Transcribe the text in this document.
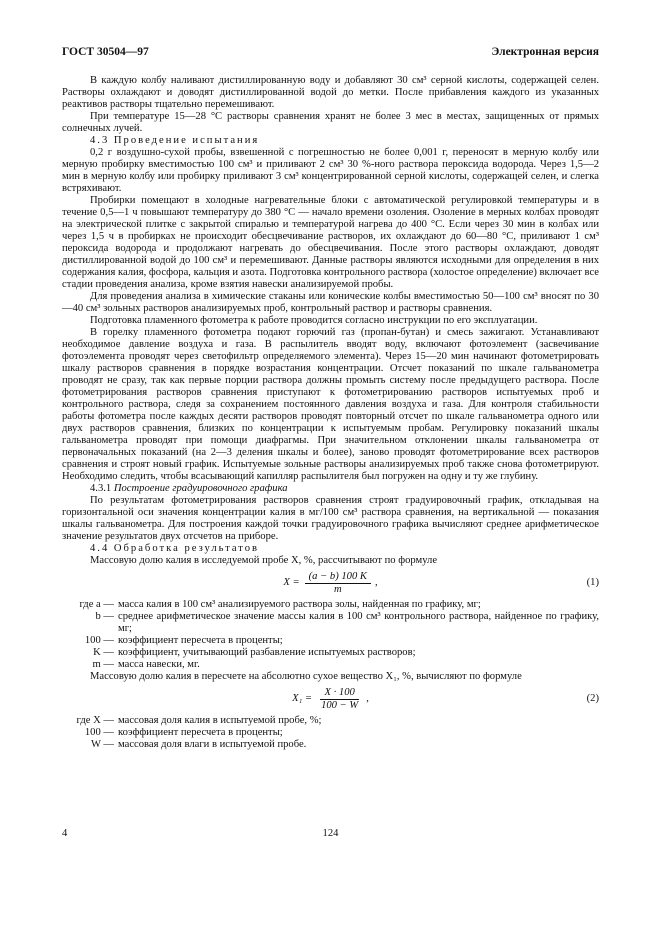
ГОСТ 30504—97	Электронная версия

В каждую колбу наливают дистиллированную воду и добавляют 30 см³ серной кислоты, содержащей селен. Растворы охлаждают и доводят дистиллированной водой до метки. После прибавления каждого из указанных реактивов растворы тщательно перемешивают.

При температуре 15—28 °С растворы сравнения хранят не более 3 мес в местах, защищенных от прямых солнечных лучей.

4.3 Проведение испытания

0,2 г воздушно-сухой пробы, взвешенной с погрешностью не более 0,001 г, переносят в мерную колбу или мерную пробирку вместимостью 100 см³ и приливают 2 см³ 30 %-ного раствора пероксида водорода. Через 1,5—2 мин в мерную колбу или пробирку приливают 3 см³ концентрированной серной кислоты, содержащей селен, и слегка встряхивают.

Пробирки помещают в холодные нагревательные блоки с автоматической регулировкой температуры и в течение 0,5—1 ч повышают температуру до 380 °С — начало времени озоления. Озоление в мерных колбах проводят на электрической плитке с закрытой спиралью и температурой нагрева до 400 °С. Если через 30 мин в колбах или через 1,5 ч в пробирках не происходит обесцвечивание растворов, их охлаждают до 60—80 °С, приливают 1 см³ пероксида водорода и продолжают нагревать до обесцвечивания. После этого растворы охлаждают, доводят дистиллированной водой до 100 см³ и перемешивают. Данные растворы являются исходными для определения в них содержания калия, фосфора, кальция и азота. Подготовка контрольного раствора (холостое определение) включает все стадии проведения анализа, кроме взятия навески анализируемой пробы.

Для проведения анализа в химические стаканы или конические колбы вместимостью 50—100 см³ вносят по 30—40 см³ зольных растворов анализируемых проб, контрольный раствор и растворы сравнения.

Подготовка пламенного фотометра к работе проводится согласно инструкции по его эксплуатации.

В горелку пламенного фотометра подают горючий газ (пропан-бутан) и смесь зажигают. Устанавливают необходимое давление воздуха и газа. В распылитель вводят воду, включают фотоэлемент (засвечивание фотоэлемента проводят через светофильтр определяемого элемента). Через 15—20 мин начинают фотометрировать шкалу растворов сравнения в порядке возрастания концентрации. Отсчет показаний по шкале гальванометра проводят не сразу, так как первые порции раствора должны промыть систему после предыдущего раствора. После фотометрирования растворов сравнения приступают к фотометрированию растворов испытуемых проб и контрольного раствора, следя за сохранением постоянного давления воздуха и газа. Для контроля стабильности работы фотометра после каждых десяти растворов проводят повторный отсчет по шкале гальванометра одного или двух растворов сравнения, близких по концентрации к испытуемым пробам. Регулировку показаний шкалы гальванометра проводят при помощи диафрагмы. При значительном отклонении шкалы гальванометра от первоначальных показаний (на 2—3 деления шкалы и более), заново проводят фотометрирование всех растворов сравнения и строят новый график. Испытуемые зольные растворы анализируемых проб также снова фотометрируют. Необходимо следить, чтобы всасывающий капилляр распылителя был погружен на одну и ту же глубину.

4.3.1 Построение градуировочного графика

По результатам фотометрирования растворов сравнения строят градуировочный график, откладывая на горизонтальной оси значения концентрации калия в мг/100 см³ раствора сравнения, на вертикальной — показания шкалы гальванометра. Для построения каждой точки градуировочного графика вычисляют среднее арифметическое значение результатов двух отсчетов на приборе.

4.4 Обработка результатов

Массовую долю калия в исследуемой пробе X, %, рассчитывают по формуле

$X = \frac{(a - b) 100 K}{m}$ ,	(1)
где a — масса калия в 100 см³ анализируемого раствора золы, найденная по графику, мг;
b — среднее арифметическое значение массы калия в 100 см³ контрольного раствора, найденное по графику, мг;
100 — коэффициент пересчета в проценты;
K — коэффициент, учитывающий разбавление испытуемых растворов;
m — масса навески, мг.

Массовую долю калия в пересчете на абсолютно сухое вещество X₁, %, вычисляют по формуле

$X_1 = \frac{X \cdot 100}{100 - W}$ ,	(2)
где X — массовая доля калия в испытуемой пробе, %;
100 — коэффициент пересчета в проценты;
W — массовая доля влаги в испытуемой пробе.
4	124
